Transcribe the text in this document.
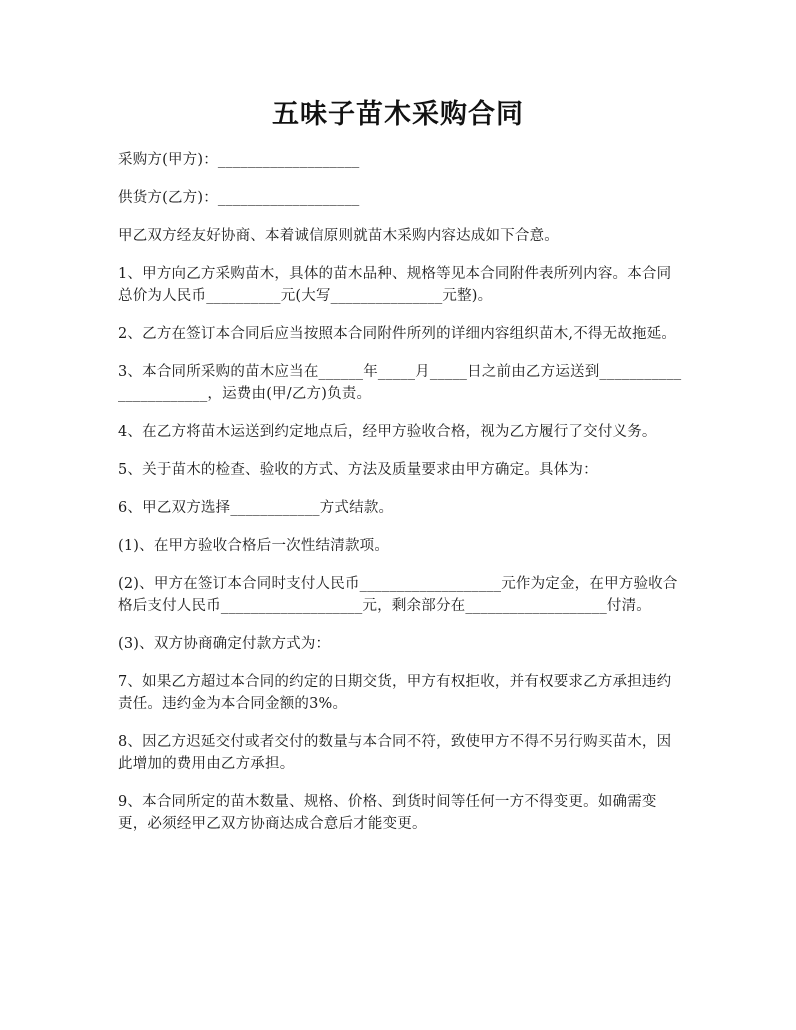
五味子苗木采购合同

采购方(甲方)：___________________

供货方(乙方)：___________________

甲乙双方经友好协商、本着诚信原则就苗木采购内容达成如下合意。

1、甲方向乙方采购苗木，具体的苗木品种、规格等见本合同附件表所列内容。本合同总价为人民币__________元(大写_______________元整)。

2、乙方在签订本合同后应当按照本合同附件所列的详细内容组织苗木,不得无故拖延。

3、本合同所采购的苗木应当在______年_____月_____日之前由乙方运送到_______________________，运费由(甲/乙方)负责。

4、在乙方将苗木运送到约定地点后，经甲方验收合格，视为乙方履行了交付义务。

5、关于苗木的检查、验收的方式、方法及质量要求由甲方确定。具体为：

6、甲乙双方选择____________方式结款。

(1)、在甲方验收合格后一次性结清款项。

(2)、甲方在签订本合同时支付人民币___________________元作为定金，在甲方验收合格后支付人民币___________________元，剩余部分在___________________付清。

(3)、双方协商确定付款方式为：

7、如果乙方超过本合同的约定的日期交货，甲方有权拒收，并有权要求乙方承担违约责任。违约金为本合同金额的3%。

8、因乙方迟延交付或者交付的数量与本合同不符，致使甲方不得不另行购买苗木，因此增加的费用由乙方承担。

9、本合同所定的苗木数量、规格、价格、到货时间等任何一方不得变更。如确需变更，必须经甲乙双方协商达成合意后才能变更。
